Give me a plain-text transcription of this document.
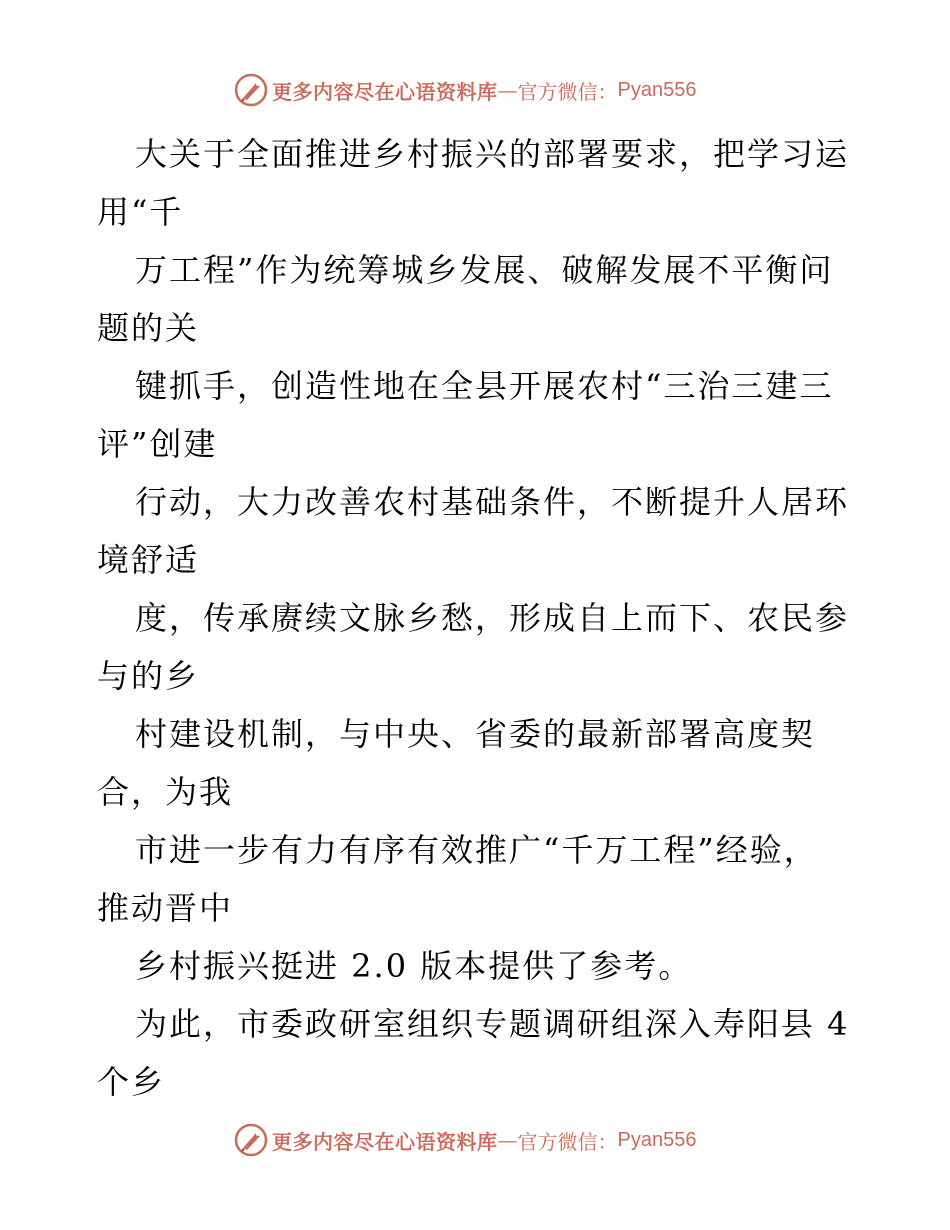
更多内容尽在心语资料库 — 官方微信： Pyan556
大关于全面推进乡村振兴的部署要求，把学习运
用“千
万工程”作为统筹城乡发展、破解发展不平衡问
题的关
键抓手，创造性地在全县开展农村“三治三建三
评”创建
行动，大力改善农村基础条件，不断提升人居环
境舒适
度，传承赓续文脉乡愁，形成自上而下、农民参
与的乡
村建设机制，与中央、省委的最新部署高度契
合，为我
市进一步有力有序有效推广“千万工程”经验，
推动晋中
乡村振兴挺进 2.0 版本提供了参考。
为此，市委政研室组织专题调研组深入寿阳县 4
个乡
更多内容尽在心语资料库 — 官方微信： Pyan556
